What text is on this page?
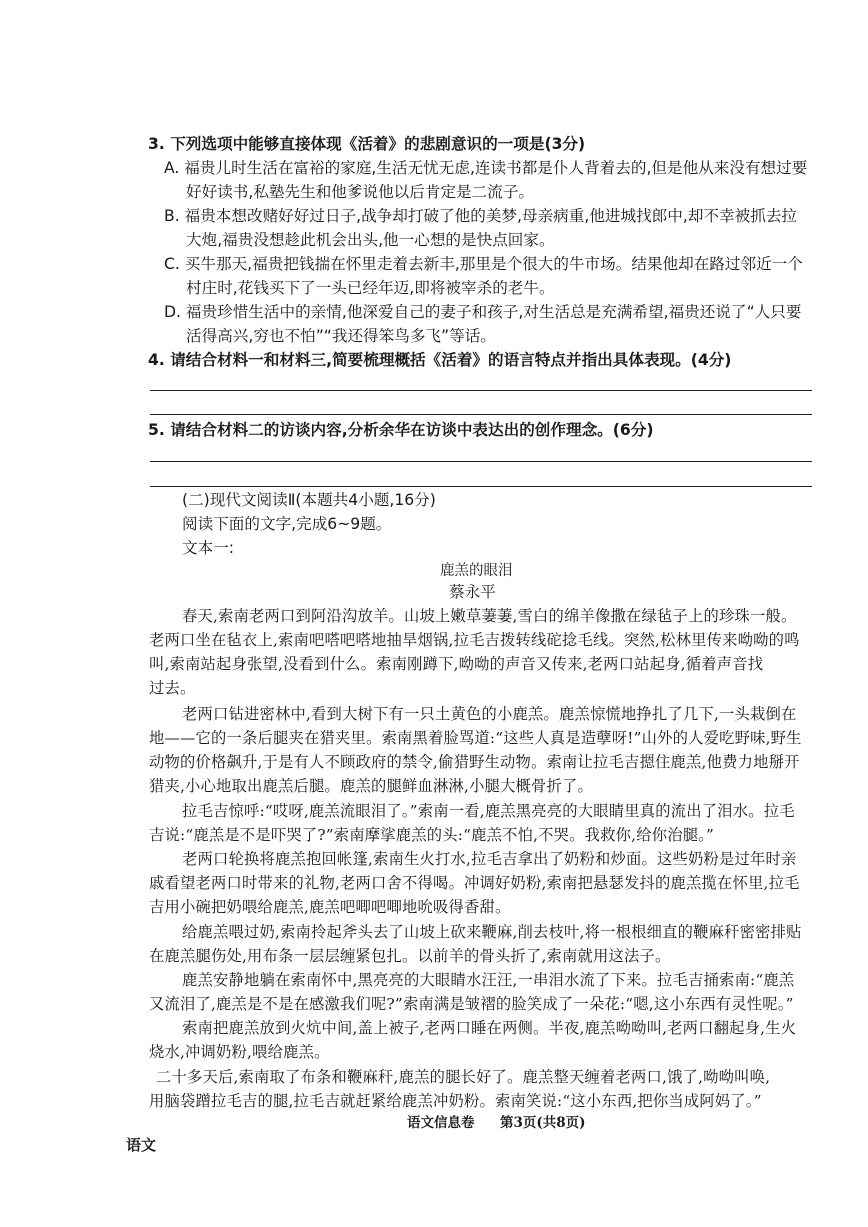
3. 下列选项中能够直接体现《活着》的悲剧意识的一项是(3分)
A. 福贵儿时生活在富裕的家庭,生活无忧无虑,连读书都是仆人背着去的,但是他从来没有想过要
好好读书,私塾先生和他爹说他以后肯定是二流子。
B. 福贵本想改赌好好过日子,战争却打破了他的美梦,母亲病重,他进城找郎中,却不幸被抓去拉
大炮,福贵没想趁此机会出头,他一心想的是快点回家。
C. 买牛那天,福贵把钱揣在怀里走着去新丰,那里是个很大的牛市场。结果他却在路过邻近一个
村庄时,花钱买下了一头已经年迈,即将被宰杀的老牛。
D. 福贵珍惜生活中的亲情,他深爱自己的妻子和孩子,对生活总是充满希望,福贵还说了“人只要
活得高兴,穷也不怕”“我还得笨鸟多飞”等话。
4. 请结合材料一和材料三,简要梳理概括《活着》的语言特点并指出具体表现。(4分)
5. 请结合材料二的访谈内容,分析余华在访谈中表达出的创作理念。(6分)
(二)现代文阅读Ⅱ(本题共4小题,16分)
阅读下面的文字,完成6~9题。
文本一:
鹿羔的眼泪
蔡永平
春天,索南老两口到阿沿沟放羊。山坡上嫩草萋萋,雪白的绵羊像撒在绿毡子上的珍珠一般。
老两口坐在毡衣上,索南吧嗒吧嗒地抽旱烟锅,拉毛吉拨转线砣捻毛线。突然,松林里传来呦呦的鸣
叫,索南站起身张望,没看到什么。索南刚蹲下,呦呦的声音又传来,老两口站起身,循着声音找
过去。
老两口钻进密林中,看到大树下有一只土黄色的小鹿羔。鹿羔惊慌地挣扎了几下,一头栽倒在
地——它的一条后腿夹在猎夹里。索南黑着脸骂道:“这些人真是造孽呀!”山外的人爱吃野味,野生
动物的价格飙升,于是有人不顾政府的禁令,偷猎野生动物。索南让拉毛吉摁住鹿羔,他费力地掰开
猎夹,小心地取出鹿羔后腿。鹿羔的腿鲜血淋淋,小腿大概骨折了。
拉毛吉惊呼:“哎呀,鹿羔流眼泪了。”索南一看,鹿羔黑亮亮的大眼睛里真的流出了泪水。拉毛
吉说:“鹿羔是不是吓哭了?”索南摩挲鹿羔的头:“鹿羔不怕,不哭。我救你,给你治腿。”
老两口轮换将鹿羔抱回帐篷,索南生火打水,拉毛吉拿出了奶粉和炒面。这些奶粉是过年时亲
戚看望老两口时带来的礼物,老两口舍不得喝。冲调好奶粉,索南把悬瑟发抖的鹿羔揽在怀里,拉毛
吉用小碗把奶喂给鹿羔,鹿羔吧唧吧唧地吮吸得香甜。
给鹿羔喂过奶,索南拎起斧头去了山坡上砍来鞭麻,削去枝叶,将一根根细直的鞭麻秆密密排贴
在鹿羔腿伤处,用布条一层层缠紧包扎。以前羊的骨头折了,索南就用这法子。
鹿羔安静地躺在索南怀中,黑亮亮的大眼睛水汪汪,一串泪水流了下来。拉毛吉捅索南:“鹿羔
又流泪了,鹿羔是不是在感激我们呢?”索南满是皱褶的脸笑成了一朵花:“嗯,这小东西有灵性呢。”
索南把鹿羔放到火炕中间,盖上被子,老两口睡在两侧。半夜,鹿羔呦呦叫,老两口翻起身,生火
烧水,冲调奶粉,喂给鹿羔。
二十多天后,索南取了布条和鞭麻秆,鹿羔的腿长好了。鹿羔整天缠着老两口,饿了,呦呦叫唤,
用脑袋蹭拉毛吉的腿,拉毛吉就赶紧给鹿羔冲奶粉。索南笑说:“这小东西,把你当成阿妈了。”
语文信息卷 第3页(共8页)
语文
